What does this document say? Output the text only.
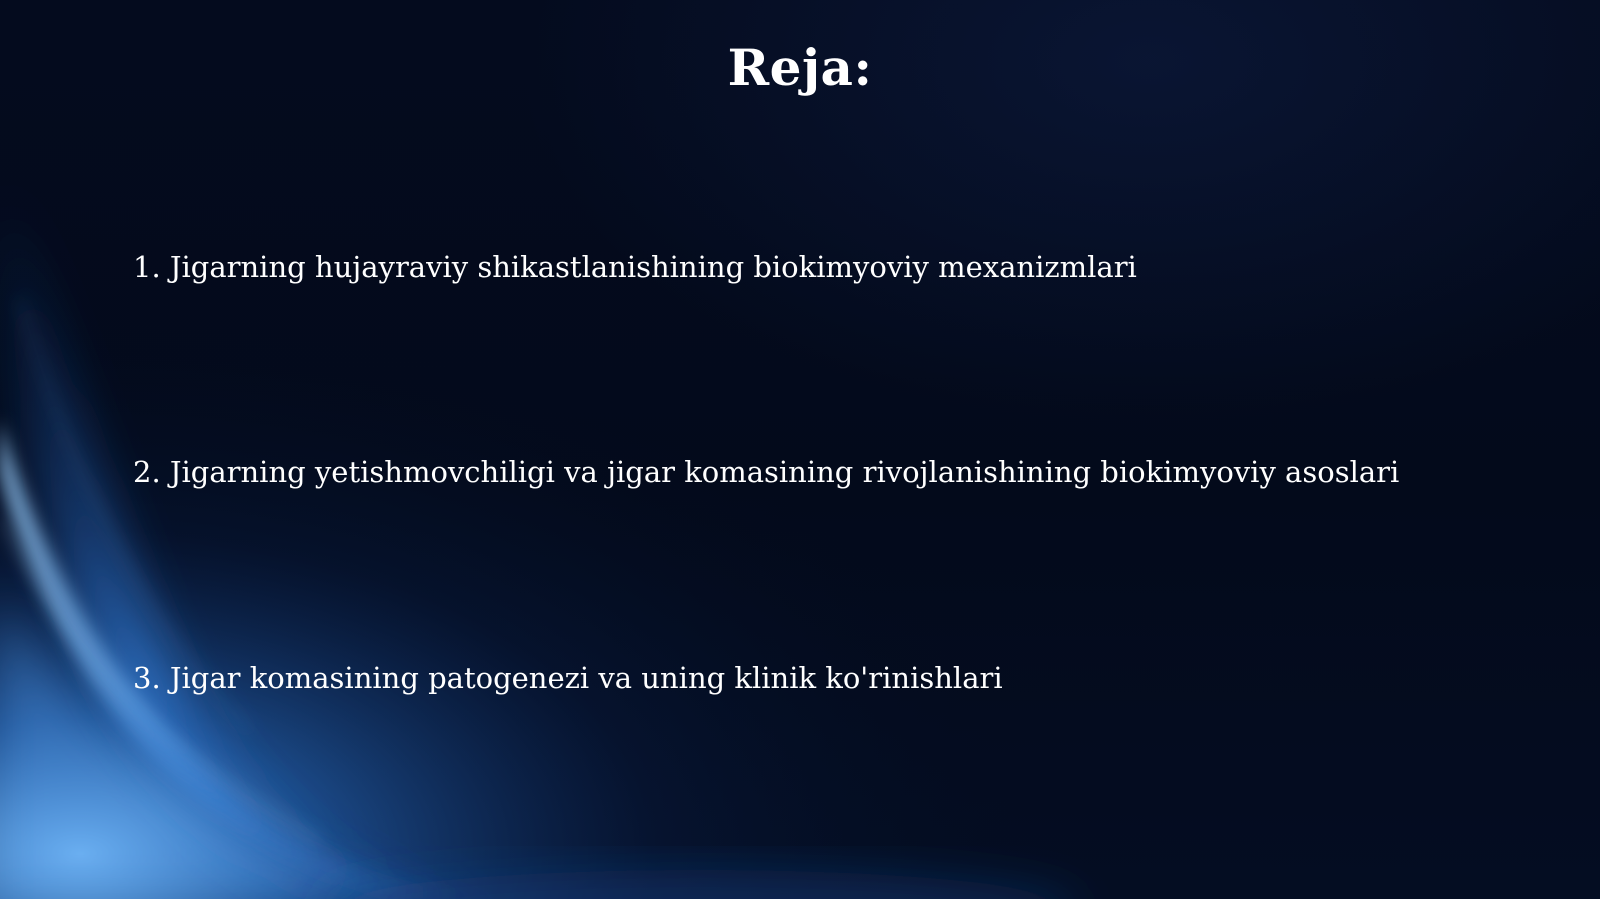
Reja:
1. Jigarning hujayraviy shikastlanishining biokimyoviy mexanizmlari
2. Jigarning yetishmovchiligi va jigar komasining rivojlanishining biokimyoviy asoslari
3. Jigar komasining patogenezi va uning klinik ko'rinishlari
